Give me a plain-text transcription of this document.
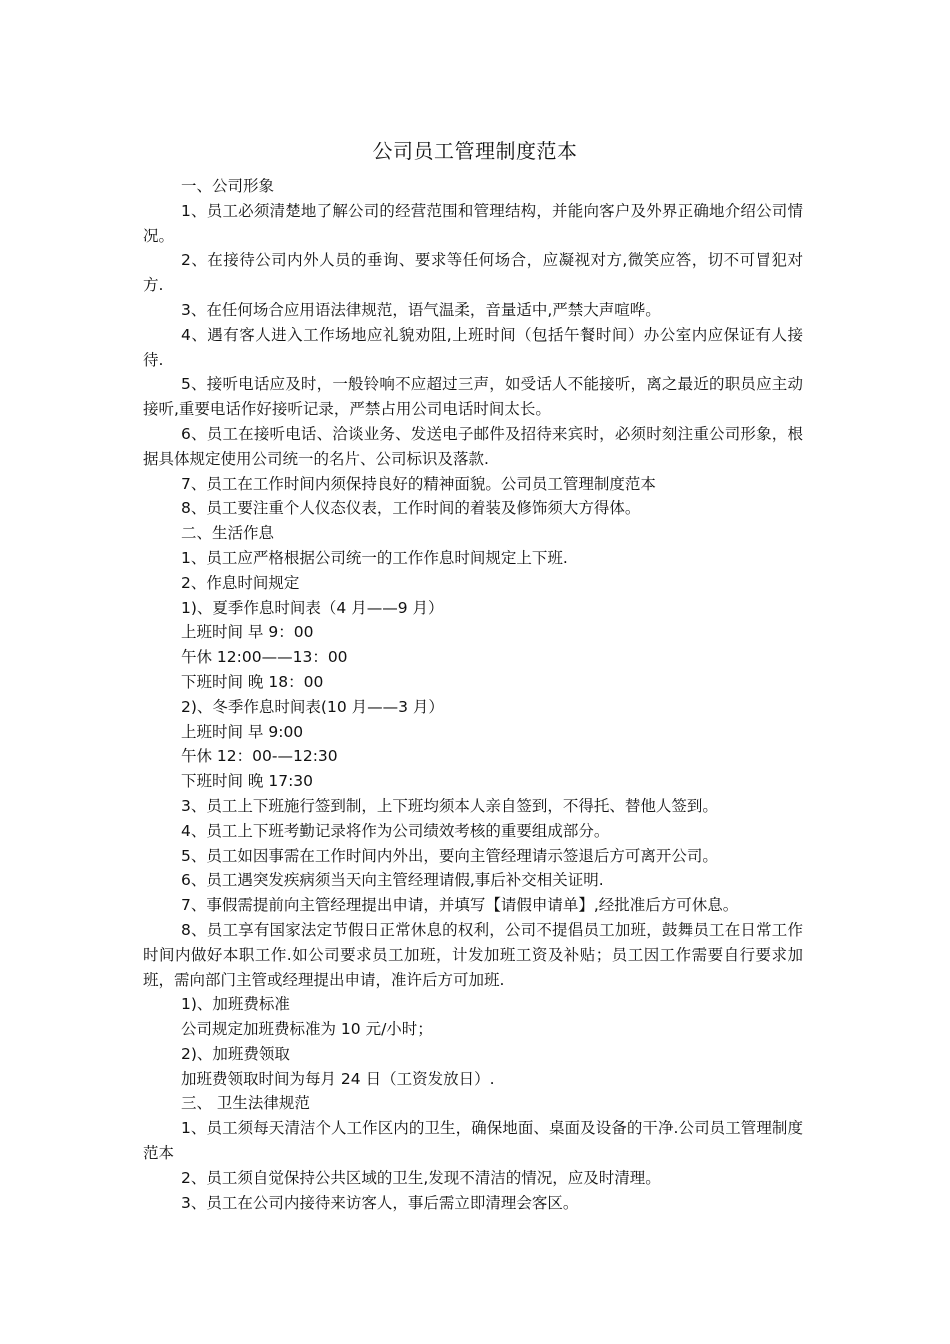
公司员工管理制度范本

一、公司形象

1、员工必须清楚地了解公司的经营范围和管理结构，并能向客户及外界正确地介绍公司情况。

2、在接待公司内外人员的垂询、要求等任何场合，应凝视对方,微笑应答，切不可冒犯对方.

3、在任何场合应用语法律规范，语气温柔，音量适中,严禁大声喧哗。

4、遇有客人进入工作场地应礼貌劝阻,上班时间（包括午餐时间）办公室内应保证有人接待.

5、接听电话应及时，一般铃响不应超过三声，如受话人不能接听，离之最近的职员应主动接听,重要电话作好接听记录，严禁占用公司电话时间太长。

6、员工在接听电话、洽谈业务、发送电子邮件及招待来宾时，必须时刻注重公司形象，根据具体规定使用公司统一的名片、公司标识及落款.

7、员工在工作时间内须保持良好的精神面貌。公司员工管理制度范本

8、员工要注重个人仪态仪表，工作时间的着装及修饰须大方得体。

二、生活作息

1、员工应严格根据公司统一的工作作息时间规定上下班.

2、作息时间规定

1)、夏季作息时间表（4 月——9 月）

上班时间 早 9：00

午休 12:00——13：00

下班时间 晚 18：00

2)、冬季作息时间表(10 月——3 月）

上班时间 早 9:00

午休 12：00-—12:30

下班时间 晚 17:30

3、员工上下班施行签到制，上下班均须本人亲自签到，不得托、替他人签到。

4、员工上下班考勤记录将作为公司绩效考核的重要组成部分。

5、员工如因事需在工作时间内外出，要向主管经理请示签退后方可离开公司。

6、员工遇突发疾病须当天向主管经理请假,事后补交相关证明.

7、事假需提前向主管经理提出申请，并填写【请假申请单】,经批准后方可休息。

8、员工享有国家法定节假日正常休息的权利，公司不提倡员工加班，鼓舞员工在日常工作时间内做好本职工作.如公司要求员工加班，计发加班工资及补贴；员工因工作需要自行要求加班，需向部门主管或经理提出申请，准许后方可加班.

1)、加班费标准

公司规定加班费标准为 10 元/小时；

2)、加班费领取

加班费领取时间为每月 24 日（工资发放日）.

三、 卫生法律规范

1、员工须每天清洁个人工作区内的卫生，确保地面、桌面及设备的干净.公司员工管理制度范本

2、员工须自觉保持公共区域的卫生,发现不清洁的情况，应及时清理。

3、员工在公司内接待来访客人，事后需立即清理会客区。
